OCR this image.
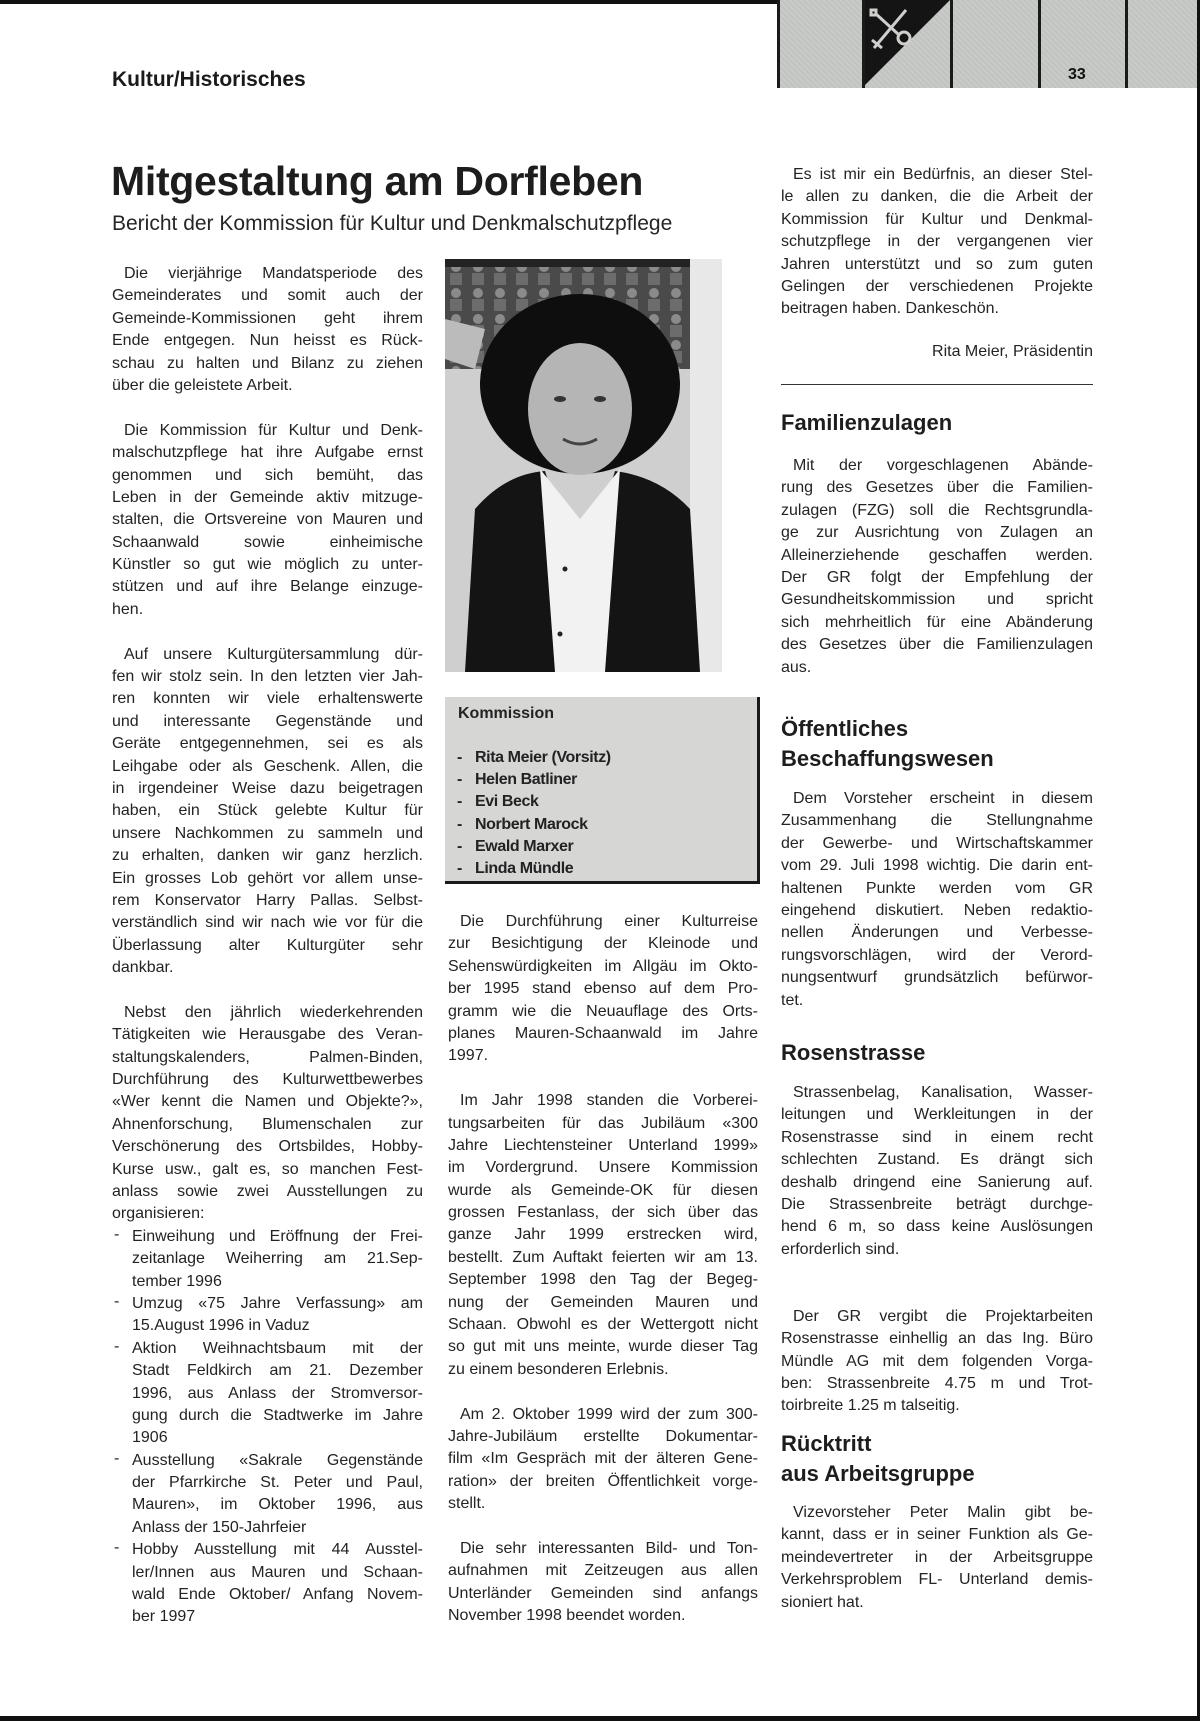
Kultur/Historisches	33
Mitgestaltung am Dorfleben
Bericht der Kommission für Kultur und Denkmalschutzpflege
Die vierjährige Mandatsperiode des
Gemeinderates und somit auch der
Gemeinde-Kommissionen geht ihrem
Ende entgegen. Nun heisst es Rück-
schau zu halten und Bilanz zu ziehen
über die geleistete Arbeit.
Die Kommission für Kultur und Denk-
malschutzpflege hat ihre Aufgabe ernst
genommen und sich bemüht, das
Leben in der Gemeinde aktiv mitzuge-
stalten, die Ortsvereine von Mauren und
Schaanwald sowie einheimische
Künstler so gut wie möglich zu unter-
stützen und auf ihre Belange einzuge-
hen.
Auf unsere Kulturgütersammlung dür-
fen wir stolz sein. In den letzten vier Jah-
ren konnten wir viele erhaltenswerte
und interessante Gegenstände und
Geräte entgegennehmen, sei es als
Leihgabe oder als Geschenk. Allen, die
in irgendeiner Weise dazu beigetragen
haben, ein Stück gelebte Kultur für
unsere Nachkommen zu sammeln und
zu erhalten, danken wir ganz herzlich.
Ein grosses Lob gehört vor allem unse-
rem Konservator Harry Pallas. Selbst-
verständlich sind wir nach wie vor für die
Überlassung alter Kulturgüter sehr
dankbar.
Nebst den jährlich wiederkehrenden
Tätigkeiten wie Herausgabe des Veran-
staltungskalenders, Palmen-Binden,
Durchführung des Kulturwettbewerbes
«Wer kennt die Namen und Objekte?»,
Ahnenforschung, Blumenschalen zur
Verschönerung des Ortsbildes, Hobby-
Kurse usw., galt es, so manchen Fest-
anlass sowie zwei Ausstellungen zu
organisieren:
- Einweihung und Eröffnung der Frei-
zeitanlage Weiherring am 21.Sep-
tember 1996
- Umzug «75 Jahre Verfassung» am
15.August 1996 in Vaduz
- Aktion Weihnachtsbaum mit der
Stadt Feldkirch am 21. Dezember
1996, aus Anlass der Stromversor-
gung durch die Stadtwerke im Jahre
1906
- Ausstellung «Sakrale Gegenstände
der Pfarrkirche St. Peter und Paul,
Mauren», im Oktober 1996, aus
Anlass der 150-Jahrfeier
- Hobby Ausstellung mit 44 Ausstel-
ler/Innen aus Mauren und Schaan-
wald Ende Oktober/ Anfang Novem-
ber 1997
Kommission
- Rita Meier (Vorsitz)
- Helen Batliner
- Evi Beck
- Norbert Marock
- Ewald Marxer
- Linda Mündle
Die Durchführung einer Kulturreise
zur Besichtigung der Kleinode und
Sehenswürdigkeiten im Allgäu im Okto-
ber 1995 stand ebenso auf dem Pro-
gramm wie die Neuauflage des Orts-
planes Mauren-Schaanwald im Jahre
1997.
Im Jahr 1998 standen die Vorberei-
tungsarbeiten für das Jubiläum «300
Jahre Liechtensteiner Unterland 1999»
im Vordergrund. Unsere Kommission
wurde als Gemeinde-OK für diesen
grossen Festanlass, der sich über das
ganze Jahr 1999 erstrecken wird,
bestellt. Zum Auftakt feierten wir am 13.
September 1998 den Tag der Begeg-
nung der Gemeinden Mauren und
Schaan. Obwohl es der Wettergott nicht
so gut mit uns meinte, wurde dieser Tag
zu einem besonderen Erlebnis.
Am 2. Oktober 1999 wird der zum 300-
Jahre-Jubiläum erstellte Dokumentar-
film «Im Gespräch mit der älteren Gene-
ration» der breiten Öffentlichkeit vorge-
stellt.
Die sehr interessanten Bild- und Ton-
aufnahmen mit Zeitzeugen aus allen
Unterländer Gemeinden sind anfangs
November 1998 beendet worden.
Es ist mir ein Bedürfnis, an dieser Stel-
le allen zu danken, die die Arbeit der
Kommission für Kultur und Denkmal-
schutzpflege in der vergangenen vier
Jahren unterstützt und so zum guten
Gelingen der verschiedenen Projekte
beitragen haben. Dankeschön.
Rita Meier, Präsidentin
Familienzulagen
Mit der vorgeschlagenen Abände-
rung des Gesetzes über die Familien-
zulagen (FZG) soll die Rechtsgrundla-
ge zur Ausrichtung von Zulagen an
Alleinerziehende geschaffen werden.
Der GR folgt der Empfehlung der
Gesundheitskommission und spricht
sich mehrheitlich für eine Abänderung
des Gesetzes über die Familienzulagen
aus.
Öffentliches
Beschaffungswesen
Dem Vorsteher erscheint in diesem
Zusammenhang die Stellungnahme
der Gewerbe- und Wirtschaftskammer
vom 29. Juli 1998 wichtig. Die darin ent-
haltenen Punkte werden vom GR
eingehend diskutiert. Neben redaktio-
nellen Änderungen und Verbesse-
rungsvorschlägen, wird der Verord-
nungsentwurf grundsätzlich befürwor-
tet.
Rosenstrasse
Strassenbelag, Kanalisation, Wasser-
leitungen und Werkleitungen in der
Rosenstrasse sind in einem recht
schlechten Zustand. Es drängt sich
deshalb dringend eine Sanierung auf.
Die Strassenbreite beträgt durchge-
hend 6 m, so dass keine Auslösungen
erforderlich sind.
Der GR vergibt die Projektarbeiten
Rosenstrasse einhellig an das Ing. Büro
Mündle AG mit dem folgenden Vorga-
ben: Strassenbreite 4.75 m und Trot-
toirbreite 1.25 m talseitig.
Rücktritt
aus Arbeitsgruppe
Vizevorsteher Peter Malin gibt be-
kannt, dass er in seiner Funktion als Ge-
meindevertreter in der Arbeitsgruppe
Verkehrsproblem FL- Unterland demis-
sioniert hat.
